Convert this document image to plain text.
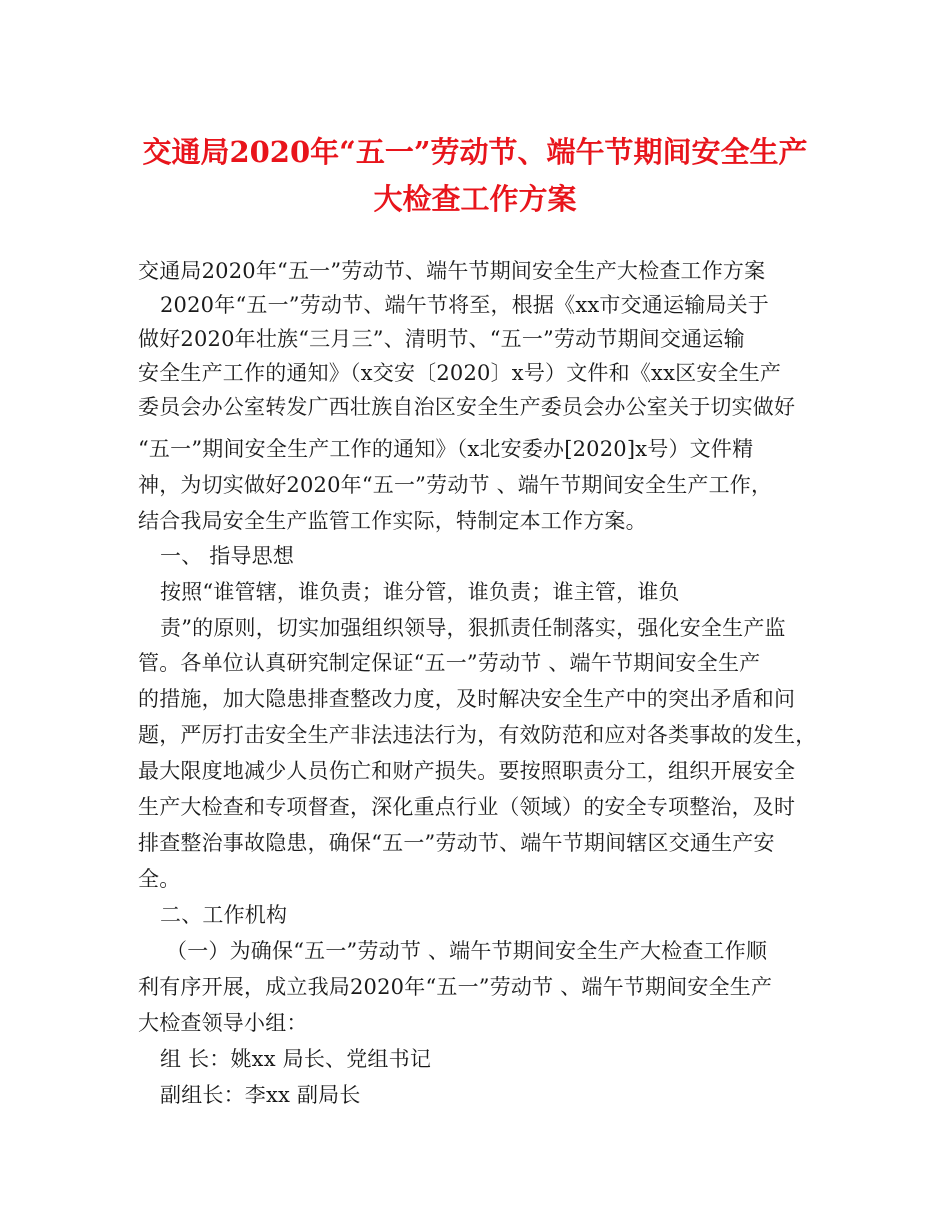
交通局2020年“五一”劳动节、端午节期间安全生产
大检查工作方案
交通局2020年“五一”劳动节、端午节期间安全生产大检查工作方案
2020年“五一”劳动节、端午节将至，根据《xx市交通运输局关于
做好2020年壮族“三月三”、清明节、“五一”劳动节期间交通运输
安全生产工作的通知》（x交安〔2020〕x号）文件和《xx区安全生产
委员会办公室转发广西壮族自治区安全生产委员会办公室关于切实做好
“五一”期间安全生产工作的通知》（x北安委办[2020]x号）文件精
神，为切实做好2020年“五一”劳动节 、端午节期间安全生产工作，
结合我局安全生产监管工作实际，特制定本工作方案。
一、 指导思想
按照“谁管辖，谁负责；谁分管，谁负责；谁主管，谁负
责”的原则，切实加强组织领导，狠抓责任制落实，强化安全生产监
管。各单位认真研究制定保证“五一”劳动节 、端午节期间安全生产
的措施，加大隐患排查整改力度，及时解决安全生产中的突出矛盾和问
题，严厉打击安全生产非法违法行为，有效防范和应对各类事故的发生，
最大限度地减少人员伤亡和财产损失。要按照职责分工，组织开展安全
生产大检查和专项督查，深化重点行业（领域）的安全专项整治，及时
排查整治事故隐患，确保“五一”劳动节、端午节期间辖区交通生产安
全。
二、工作机构
（一）为确保“五一”劳动节 、端午节期间安全生产大检查工作顺
利有序开展，成立我局2020年“五一”劳动节 、端午节期间安全生产
大检查领导小组：
组 长：姚xx 局长、党组书记
副组长：李xx 副局长
